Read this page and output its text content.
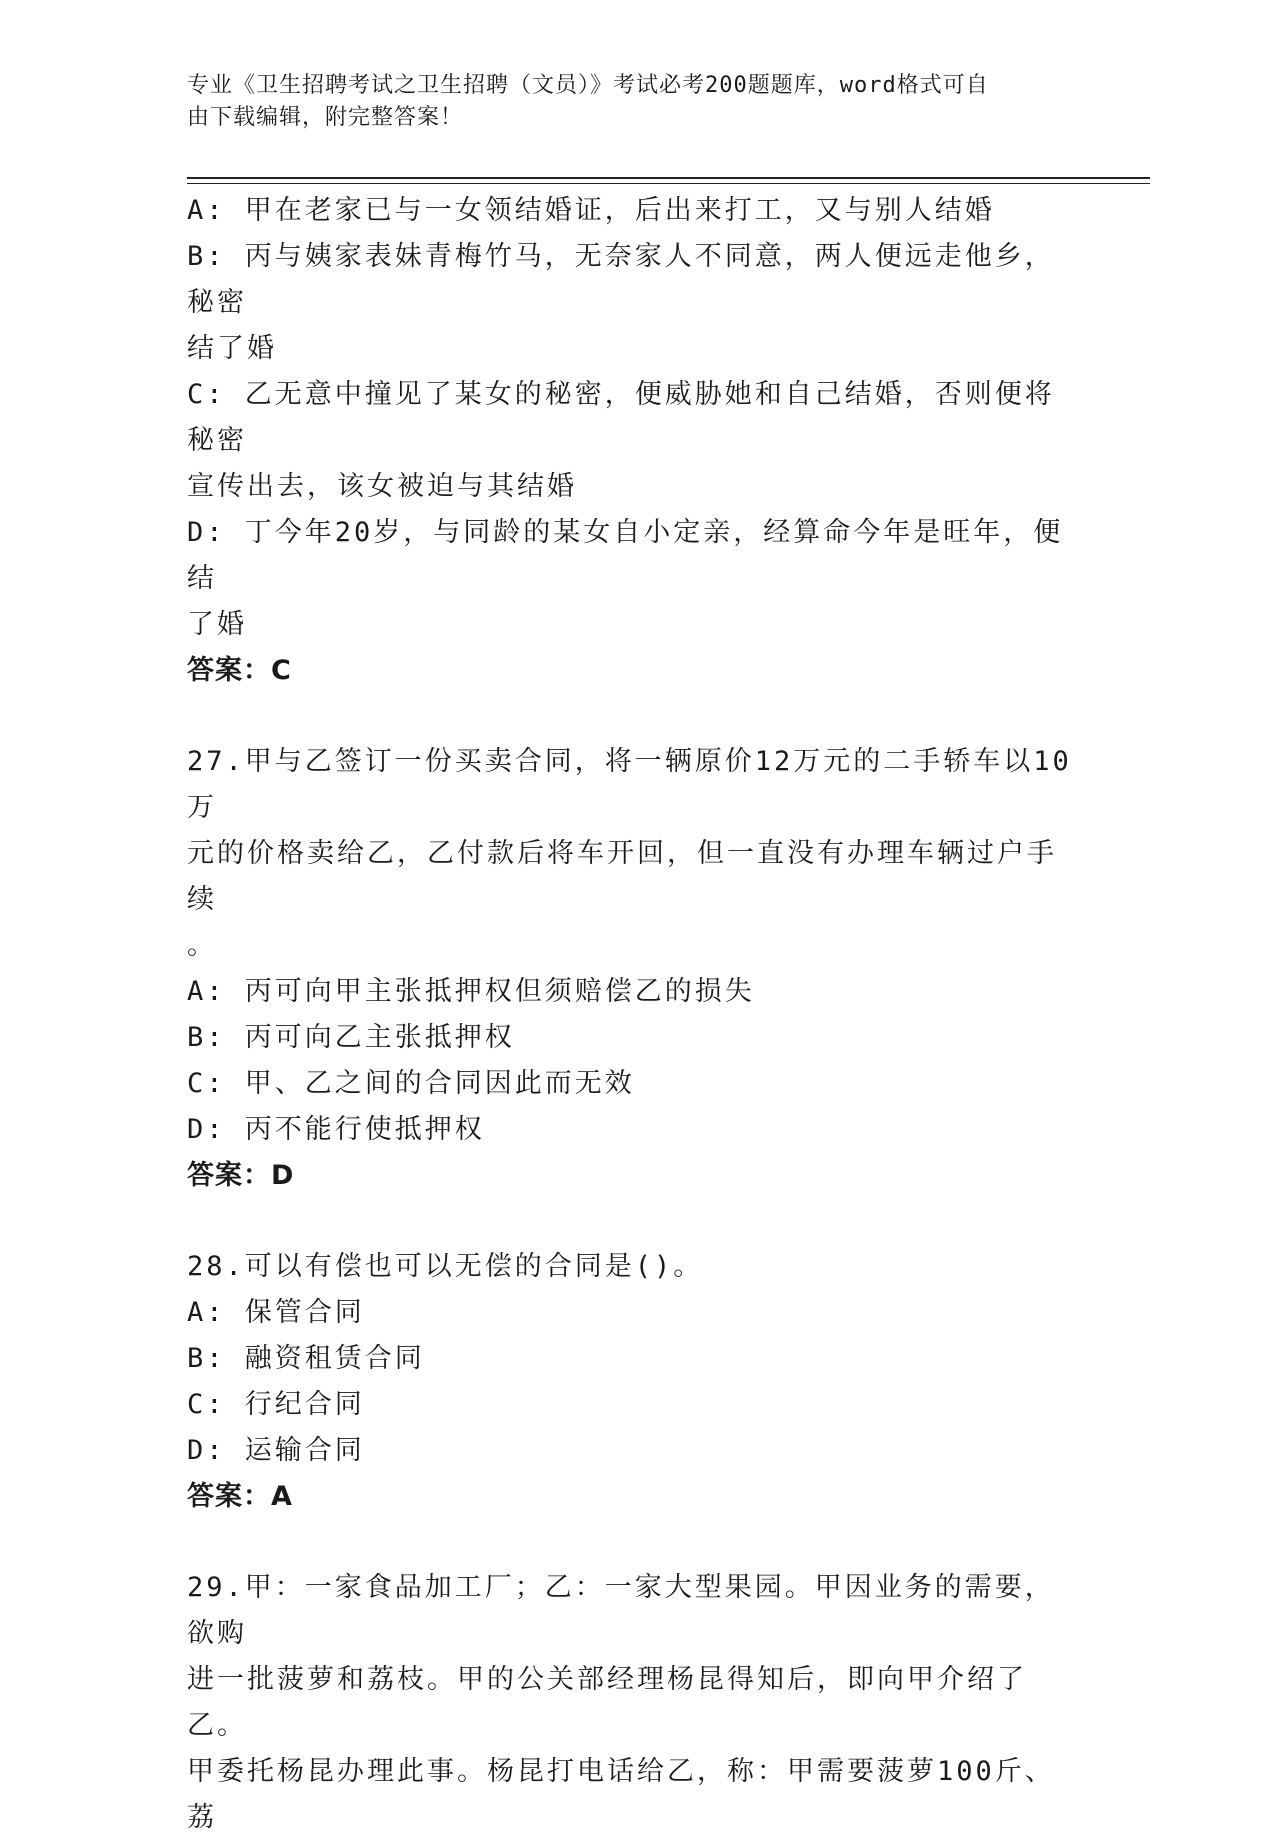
专业《卫生招聘考试之卫生招聘（文员）》考试必考200题题库，word格式可自
由下载编辑，附完整答案！

A: 甲在老家已与一女领结婚证，后出来打工，又与别人结婚

B: 丙与姨家表妹青梅竹马，无奈家人不同意，两人便远走他乡，秘密

结了婚

C: 乙无意中撞见了某女的秘密，便威胁她和自己结婚，否则便将秘密

宣传出去，该女被迫与其结婚

D: 丁今年20岁，与同龄的某女自小定亲，经算命今年是旺年，便结

了婚

答案：C

27.甲与乙签订一份买卖合同，将一辆原价12万元的二手轿车以10万

元的价格卖给乙，乙付款后将车开回，但一直没有办理车辆过户手续

。

A: 丙可向甲主张抵押权但须赔偿乙的损失

B: 丙可向乙主张抵押权

C: 甲、乙之间的合同因此而无效

D: 丙不能行使抵押权

答案：D

28.可以有偿也可以无偿的合同是()。

A: 保管合同

B: 融资租赁合同

C: 行纪合同

D: 运输合同

答案：A

29.甲：一家食品加工厂；乙：一家大型果园。甲因业务的需要，欲购

进一批菠萝和荔枝。甲的公关部经理杨昆得知后，即向甲介绍了乙。

甲委托杨昆办理此事。杨昆打电话给乙，称：甲需要菠萝100斤、荔
